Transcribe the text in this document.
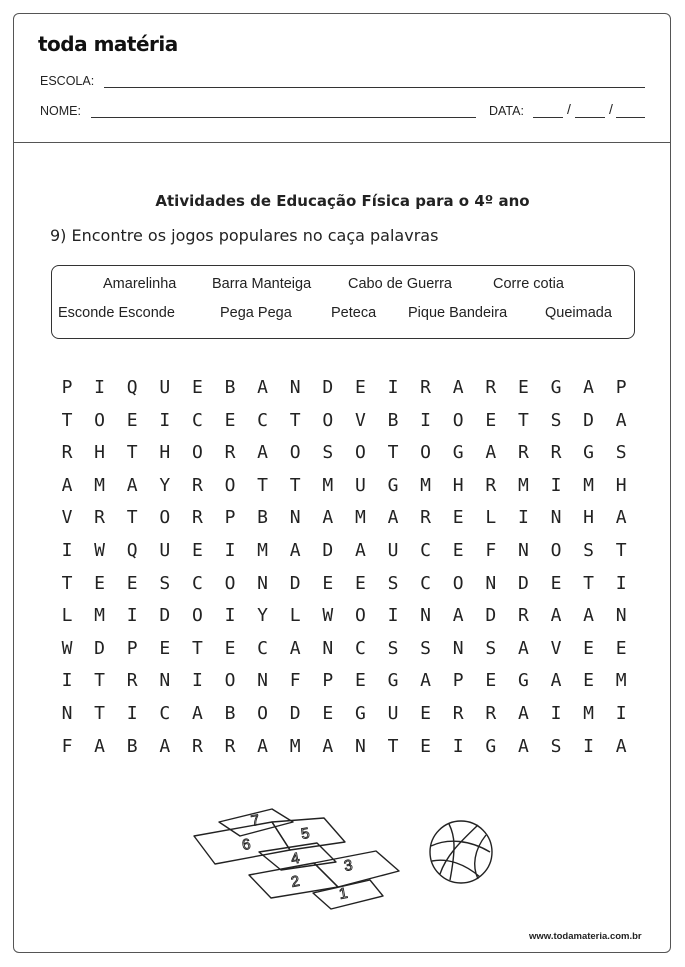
toda matéria
ESCOLA:
NOME:	DATA:	/	/
Atividades de Educação Física para o 4º ano
9) Encontre os jogos populares no caça palavras
Amarelinha Barra Manteiga	Cabo de Guerra	Corre cotia
Esconde Esconde	Pega Pega	Peteca Pique Bandeira	Queimada
P	I	Q	U	E	B	A	N	D	E	I	R	A	R	E	G	A	P
T	O	E	I	C	E	C	T	O	V	B	I	O	E	T	S	D	A
R	H	T	H	O	R	A	O	S	O	T	O	G	A	R	R	G	S
A	M	A	Y	R	O	T	T	M	U	G	M	H	R	M	I	M	H
V	R	T	O	R	P	B	N	A	M	A	R	E	L	I	N	H	A
I	W	Q	U	E	I	M	A	D	A	U	C	E	F	N	O	S	T
T	E	E	S	C	O	N	D	E	E	S	C	O	N	D	E	T	I
L	M	I	D	O	I	Y	L	W	O	I	N	A	D	R	A	A	N
W	D	P	E	T	E	C	A	N	C	S	S	N	S	A	V	E	E
I	T	R	N	I	O	N	F	P	E	G	A	P	E	G	A	E	M
N	T	I	C	A	B	O	D	E	G	U	E	R	R	A	I	M	I
F	A	B	A	R	R	A	M	A	N	T	E	I	G	A	S	I	A
7
6
5
4
2
3
1
www.todamateria.com.br
